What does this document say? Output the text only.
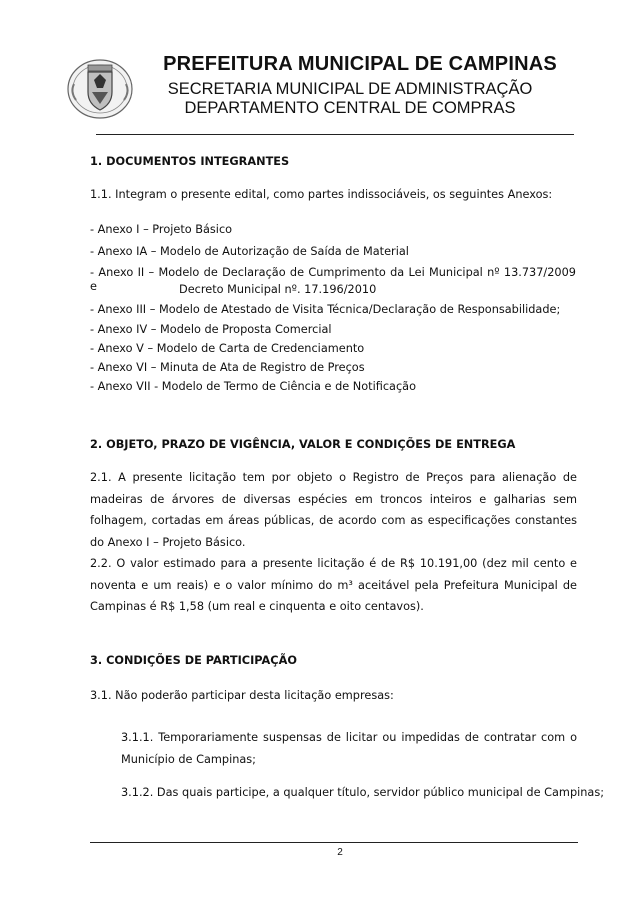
PREFEITURA MUNICIPAL DE CAMPINAS
SECRETARIA MUNICIPAL DE ADMINISTRAÇÃO
DEPARTAMENTO CENTRAL DE COMPRAS
1. DOCUMENTOS INTEGRANTES
1.1. Integram o presente edital, como partes indissociáveis, os seguintes Anexos:
- Anexo I – Projeto Básico
- Anexo IA – Modelo de Autorização de Saída de Material
- Anexo II – Modelo de Declaração de Cumprimento da Lei Municipal nº 13.737/2009 e	Decreto Municipal nº. 17.196/2010
- Anexo III – Modelo de Atestado de Visita Técnica/Declaração de Responsabilidade;
- Anexo IV – Modelo de Proposta Comercial
- Anexo V – Modelo de Carta de Credenciamento
- Anexo VI – Minuta de Ata de Registro de Preços
- Anexo VII - Modelo de Termo de Ciência e de Notificação
2. OBJETO, PRAZO DE VIGÊNCIA, VALOR E CONDIÇÕES DE ENTREGA
2.1. A presente licitação tem por objeto o Registro de Preços para alienação de madeiras de árvores de diversas espécies em troncos inteiros e galharias sem folhagem, cortadas em áreas públicas, de acordo com as especificações constantes do Anexo I – Projeto Básico.
2.2. O valor estimado para a presente licitação é de R$ 10.191,00 (dez mil cento e noventa e um reais) e o valor mínimo do m³ aceitável pela Prefeitura Municipal de Campinas é R$ 1,58 (um real e cinquenta e oito centavos).
3. CONDIÇÕES DE PARTICIPAÇÃO
3.1. Não poderão participar desta licitação empresas:
3.1.1. Temporariamente suspensas de licitar ou impedidas de contratar com o Município de Campinas;
3.1.2. Das quais participe, a qualquer título, servidor público municipal de Campinas;
2
